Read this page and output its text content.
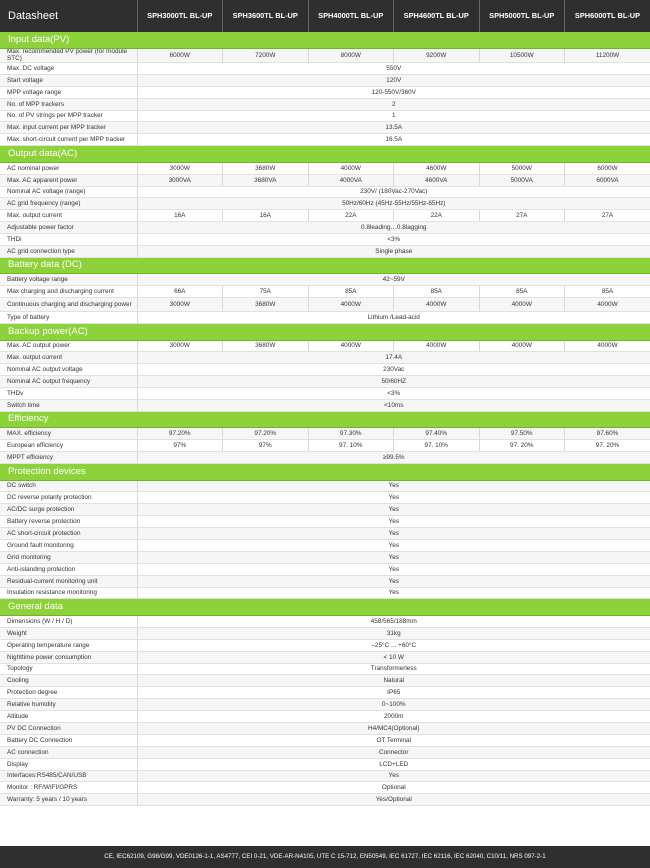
Datasheet	SPH3000TL BL-UP	SPH3600TL BL-UP	SPH4000TL BL-UP	SPH4600TL BL-UP	SPH5000TL BL-UP	SPH6000TL BL-UP
Input data(PV)						
Max. recommended PV power (for module STC)	6000W	7200W	8000W	9200W	10500W	11200W
Max. DC voltage	550V					
Start voltage	120V					
MPP voltage range	120-550V/360V					
No. of MPP trackers	2					
No. of PV strings per MPP tracker	1					
Max. input current per MPP tracker	13.5A					
Max. short-circuit current per MPP tracker	16.5A					
Output data(AC)						
AC nominal power	3000W	3680W	4000W	4600W	5000W	6000W
Max. AC apparent power	3000VA	3680VA	4000VA	4600VA	5000VA	6000VA
Nominal AC voltage (range)	230V/ (180Vac-270Vac)					
AC grid frequency (range)	50Hz/60Hz (45Hz-55Hz/55Hz-65Hz)					
Max. output current	16A	16A	22A	22A	27A	27A
Adjustable power factor	0.8leading…0.8lagging					
THDi	<3%					
AC grid connection type	Single phase					
Battery data (DC)						
Battery voltage range	42~59V					
Max charging and discharging current	66A	75A	85A	85A	85A	85A
Continuous charging and discharging power	3000W	3680W	4000W	4000W	4000W	4000W
Type of battery	Lithium /Lead-acid					
Backup power(AC)						
Max. AC output power	3000W	3680W	4000W	4000W	4000W	4000W
Max. output current	17.4A					
Nominal AC output voltage	230Vac					
Nominal AC output frequency	50/60HZ					
THDv	<3%					
Switch time	<10ms					
Efficiency						
MAX. efficiency	97.20%	97.20%	97.30%	97.40%	97.50%	97.60%
European efficiency	97%	97%	97. 10%	97. 10%	97. 20%	97. 20%
MPPT efficiency	≥99.5%					
Protection devices						
DC switch	Yes					
DC reverse polarity protection	Yes					
AC/DC surge protection	Yes					
Battery reverse protection	Yes					
AC short-circuit protection	Yes					
Ground fault monitoring	Yes					
Grid monitoring	Yes					
Anti-islanding protection	Yes					
Residual-current monitoring unit	Yes					
Insulation resistance monitoring	Yes					
General data						
Dimensions (W / H / D)	458/565/188mm					
Weight	31kg					
Operating temperature range	–25°C ... +60°C					
Nighttime power consumption	< 10 W					
Topology	Transformerless					
Cooling	Natural					
Protection degree	IP65					
Relative humidity	0~100%					
Altitude	2000m					
PV DC Connection	H4/MC4(Optional)					
Battery DC Connection	OT Terminal					
AC connection	Connector					
Display	LCD+LED					
Interfaces:RS485/CAN/USB	Yes					
Monitor : RF/WIFI/GPRS	Optional					
Warranty: 5 years / 10 years	Yes/Optional					
CE, IEC62109, G98/G99, VDE0126-1-1, AS4777, CEI 0-21, VDE-AR-N4105, UTE C 15-712, EN50549, IEC 61727, IEC 62116, IEC 62040, C10/11, NRS 097-2-1
